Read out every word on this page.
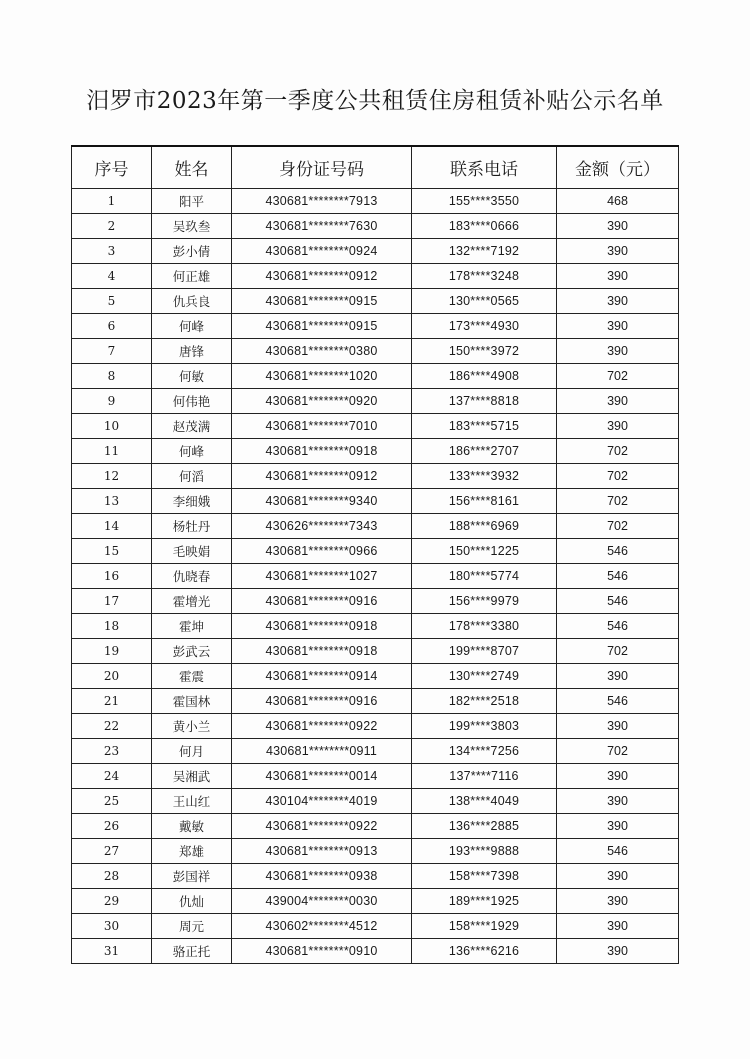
汨罗市2023年第一季度公共租赁住房租赁补贴公示名单
序号	姓名	身份证号码	联系电话	金额（元）
1	阳平	430681********7913	155****3550	468
2	吴玖叁	430681********7630	183****0666	390
3	彭小倩	430681********0924	132****7192	390
4	何正雄	430681********0912	178****3248	390
5	仇兵良	430681********0915	130****0565	390
6	何峰	430681********0915	173****4930	390
7	唐锋	430681********0380	150****3972	390
8	何敏	430681********1020	186****4908	702
9	何伟艳	430681********0920	137****8818	390
10	赵茂满	430681********7010	183****5715	390
11	何峰	430681********0918	186****2707	702
12	何滔	430681********0912	133****3932	702
13	李细娥	430681********9340	156****8161	702
14	杨牡丹	430626********7343	188****6969	702
15	毛映娟	430681********0966	150****1225	546
16	仇晓春	430681********1027	180****5774	546
17	霍增光	430681********0916	156****9979	546
18	霍坤	430681********0918	178****3380	546
19	彭武云	430681********0918	199****8707	702
20	霍震	430681********0914	130****2749	390
21	霍国林	430681********0916	182****2518	546
22	黄小兰	430681********0922	199****3803	390
23	何月	430681********0911	134****7256	702
24	吴湘武	430681********0014	137****7116	390
25	王山红	430104********4019	138****4049	390
26	戴敏	430681********0922	136****2885	390
27	郑雄	430681********0913	193****9888	546
28	彭国祥	430681********0938	158****7398	390
29	仇灿	439004********0030	189****1925	390
30	周元	430602********4512	158****1929	390
31	骆正托	430681********0910	136****6216	390
